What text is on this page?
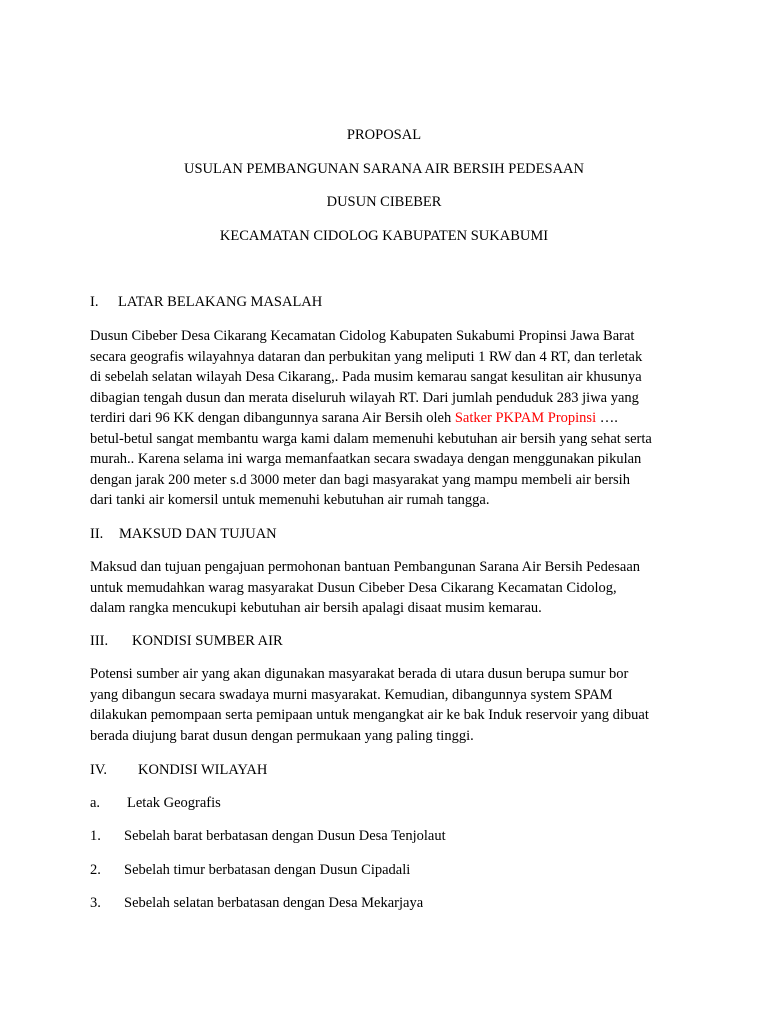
PROPOSAL
USULAN PEMBANGUNAN SARANA AIR BERSIH PEDESAAN
DUSUN CIBEBER
KECAMATAN CIDOLOG KABUPATEN SUKABUMI
I. LATAR BELAKANG MASALAH
Dusun Cibeber Desa Cikarang Kecamatan Cidolog Kabupaten Sukabumi Propinsi Jawa Barat
secara geografis wilayahnya dataran dan perbukitan yang meliputi 1 RW dan 4 RT, dan terletak
di sebelah selatan wilayah Desa Cikarang,. Pada musim kemarau sangat kesulitan air khusunya
dibagian tengah dusun dan merata diseluruh wilayah RT. Dari jumlah penduduk 283 jiwa yang
terdiri dari 96 KK dengan dibangunnya sarana Air Bersih oleh Satker PKPAM Propinsi ….
betul-betul sangat membantu warga kami dalam memenuhi kebutuhan air bersih yang sehat serta
murah.. Karena selama ini warga memanfaatkan secara swadaya dengan menggunakan pikulan
dengan jarak 200 meter s.d 3000 meter dan bagi masyarakat yang mampu membeli air bersih
dari tanki air komersil untuk memenuhi kebutuhan air rumah tangga.
II. MAKSUD DAN TUJUAN
Maksud dan tujuan pengajuan permohonan bantuan Pembangunan Sarana Air Bersih Pedesaan
untuk memudahkan warag masyarakat Dusun Cibeber Desa Cikarang Kecamatan Cidolog,
dalam rangka mencukupi kebutuhan air bersih apalagi disaat musim kemarau.
III. KONDISI SUMBER AIR
Potensi sumber air yang akan digunakan masyarakat berada di utara dusun berupa sumur bor
yang dibangun secara swadaya murni masyarakat. Kemudian, dibangunnya system SPAM
dilakukan pemompaan serta pemipaan untuk mengangkat air ke bak Induk reservoir yang dibuat
berada diujung barat dusun dengan permukaan yang paling tinggi.
IV. KONDISI WILAYAH
a. Letak Geografis
1. Sebelah barat berbatasan dengan Dusun Desa Tenjolaut
2. Sebelah timur berbatasan dengan Dusun Cipadali
3. Sebelah selatan berbatasan dengan Desa Mekarjaya
